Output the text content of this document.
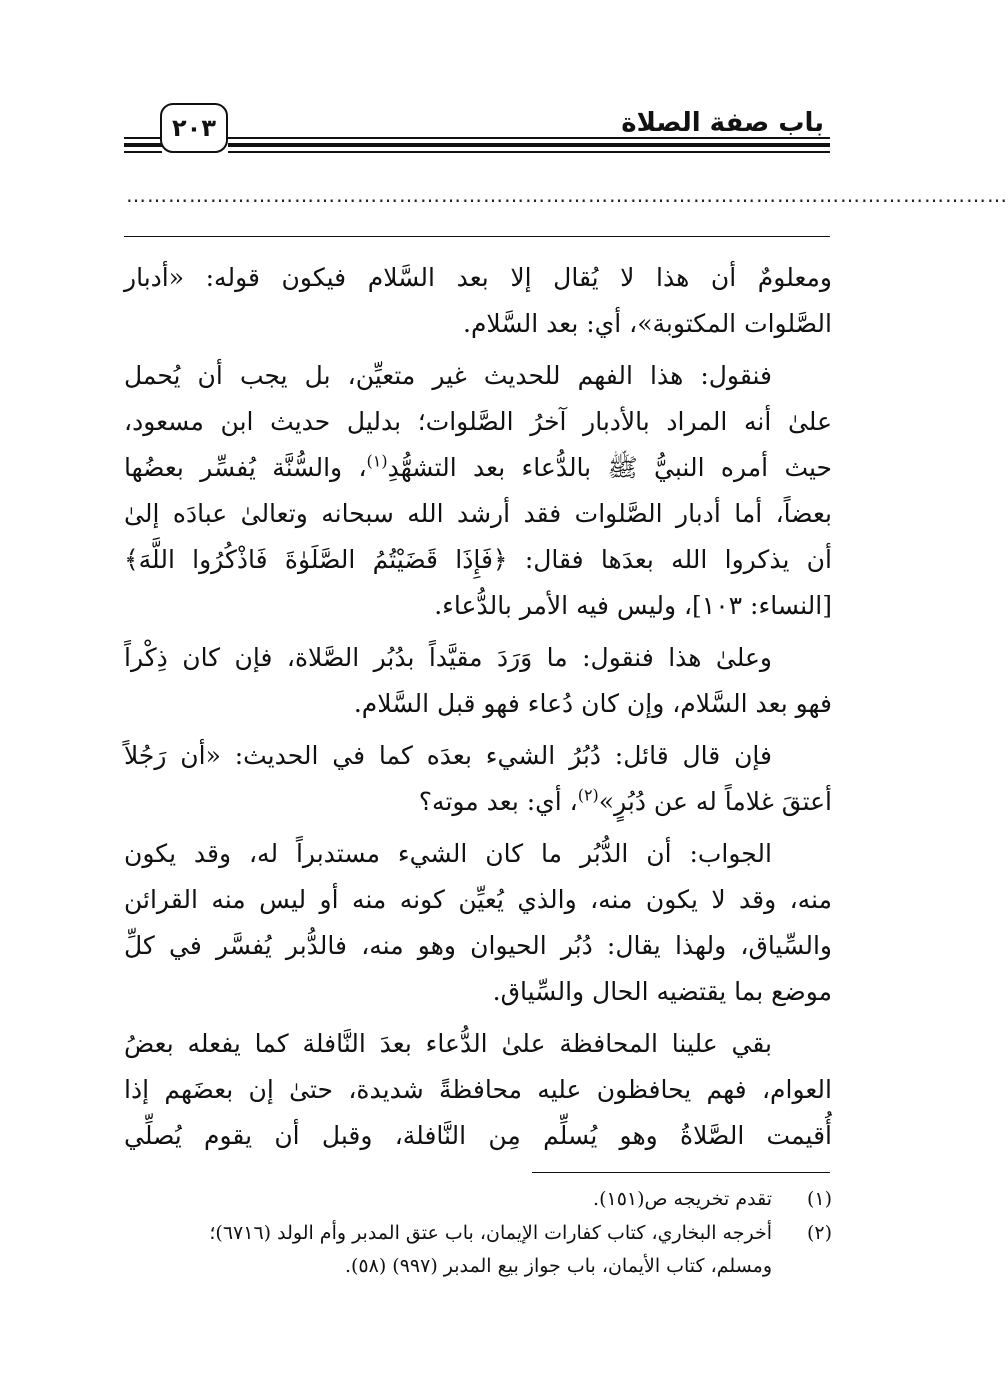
باب صفة الصلاة
٢٠٣
………………………………………………………………………………………………………………
ومعلومٌ أن هذا لا يُقال إلا بعد السَّلام فيكون قوله: «أدبار
الصَّلوات المكتوبة»، أي: بعد السَّلام.
فنقول: هذا الفهم للحديث غير متعيِّن، بل يجب أن يُحمل
علىٰ أنه المراد بالأدبار آخرُ الصَّلوات؛ بدليل حديث ابن مسعود،
حيث أمره النبيُّ ﷺ بالدُّعاء بعد التشهُّدِ$^{(١)}$، والسُّنَّة يُفسِّر بعضُها
بعضاً، أما أدبار الصَّلوات فقد أرشد الله سبحانه وتعالىٰ عبادَه إلىٰ
أن يذكروا الله بعدَها فقال: ﴿فَإِذَا قَضَيْتُمُ الصَّلَوٰةَ فَاذْكُرُوا اللَّهَ﴾
[النساء: ١٠٣]، وليس فيه الأمر بالدُّعاء.
وعلىٰ هذا فنقول: ما وَرَدَ مقيَّداً بدُبُر الصَّلاة، فإن كان ذِكْراً
فهو بعد السَّلام، وإن كان دُعاء فهو قبل السَّلام.
فإن قال قائل: دُبُرُ الشيء بعدَه كما في الحديث: «أن رَجُلاً
أعتقَ غلاماً له عن دُبُرٍ»$^{(٢)}$، أي: بعد موته؟
الجواب: أن الدُّبُر ما كان الشيء مستدبراً له، وقد يكون
منه، وقد لا يكون منه، والذي يُعيِّن كونه منه أو ليس منه القرائن
والسِّياق، ولهذا يقال: دُبُر الحيوان وهو منه، فالدُّبر يُفسَّر في كلِّ
موضع بما يقتضيه الحال والسِّياق.
بقي علينا المحافظة علىٰ الدُّعاء بعدَ النَّافلة كما يفعله بعضُ
العوام، فهم يحافظون عليه محافظةً شديدة، حتىٰ إن بعضَهم إذا
أُقيمت الصَّلاةُ وهو يُسلِّم مِن النَّافلة، وقبل أن يقوم يُصلِّي
(١)
تقدم تخريجه ص(١٥١).
(٢)
أخرجه البخاري، كتاب كفارات الإيمان، باب عتق المدبر وأم الولد (٦٧١٦)؛
ومسلم، كتاب الأيمان، باب جواز بيع المدبر (٩٩٧) (٥٨).
